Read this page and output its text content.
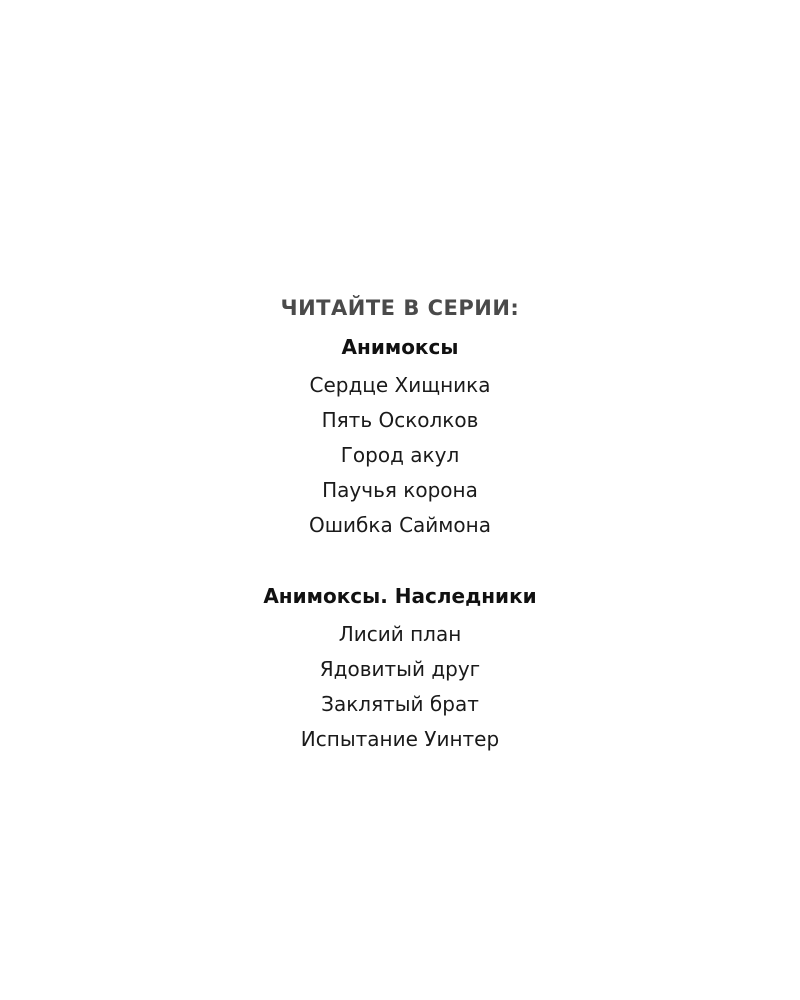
ЧИТАЙТЕ В СЕРИИ:
Анимоксы
Сердце Хищника
Пять Осколков
Город акул
Паучья корона
Ошибка Саймона
Анимоксы. Наследники
Лисий план
Ядовитый друг
Заклятый брат
Испытание Уинтер
